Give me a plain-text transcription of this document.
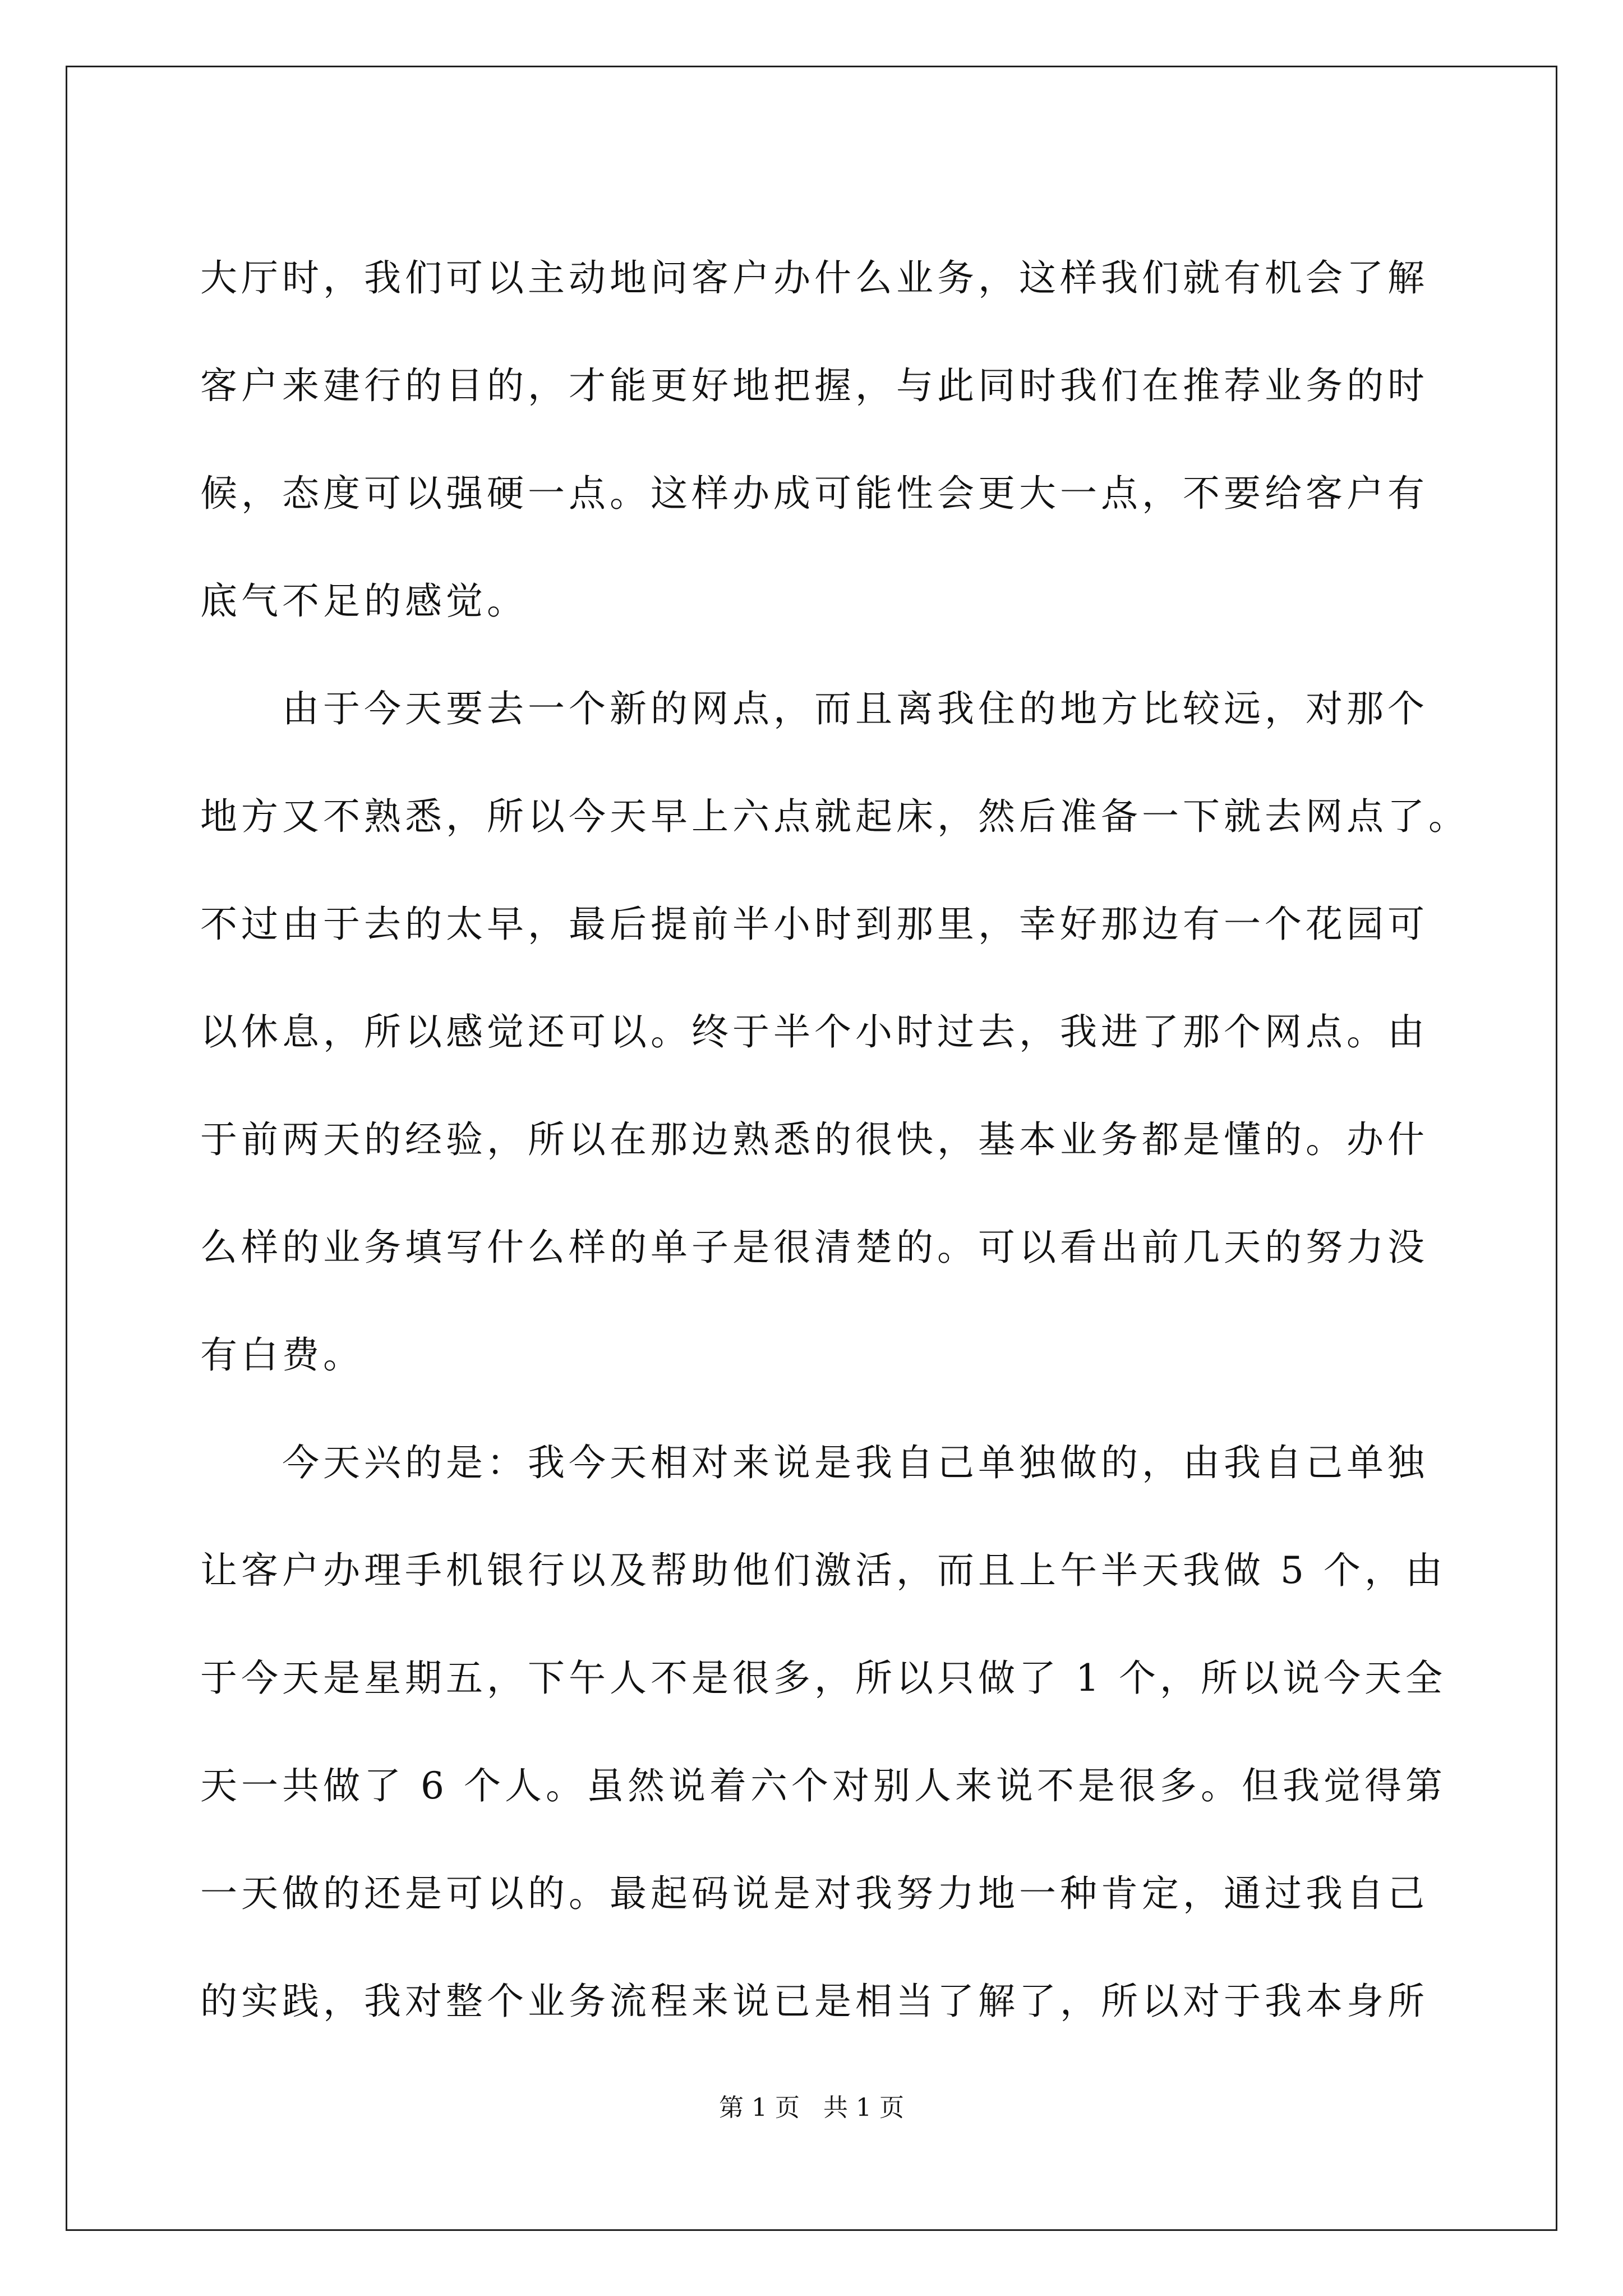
大厅时，我们可以主动地问客户办什么业务，这样我们就有机会了解
客户来建行的目的，才能更好地把握，与此同时我们在推荐业务的时
候，态度可以强硬一点。这样办成可能性会更大一点，不要给客户有
底气不足的感觉。

由于今天要去一个新的网点，而且离我住的地方比较远，对那个
地方又不熟悉，所以今天早上六点就起床，然后准备一下就去网点了。
不过由于去的太早，最后提前半小时到那里，幸好那边有一个花园可
以休息，所以感觉还可以。终于半个小时过去，我进了那个网点。由
于前两天的经验，所以在那边熟悉的很快，基本业务都是懂的。办什
么样的业务填写什么样的单子是很清楚的。可以看出前几天的努力没
有白费。

今天兴的是：我今天相对来说是我自己单独做的，由我自己单独
让客户办理手机银行以及帮助他们激活，而且上午半天我做 5 个，由
于今天是星期五，下午人不是很多，所以只做了 1 个，所以说今天全
天一共做了 6 个人。虽然说着六个对别人来说不是很多。但我觉得第
一天做的还是可以的。最起码说是对我努力地一种肯定，通过我自己
的实践，我对整个业务流程来说已是相当了解了，所以对于我本身所

第 1 页   共 1 页
